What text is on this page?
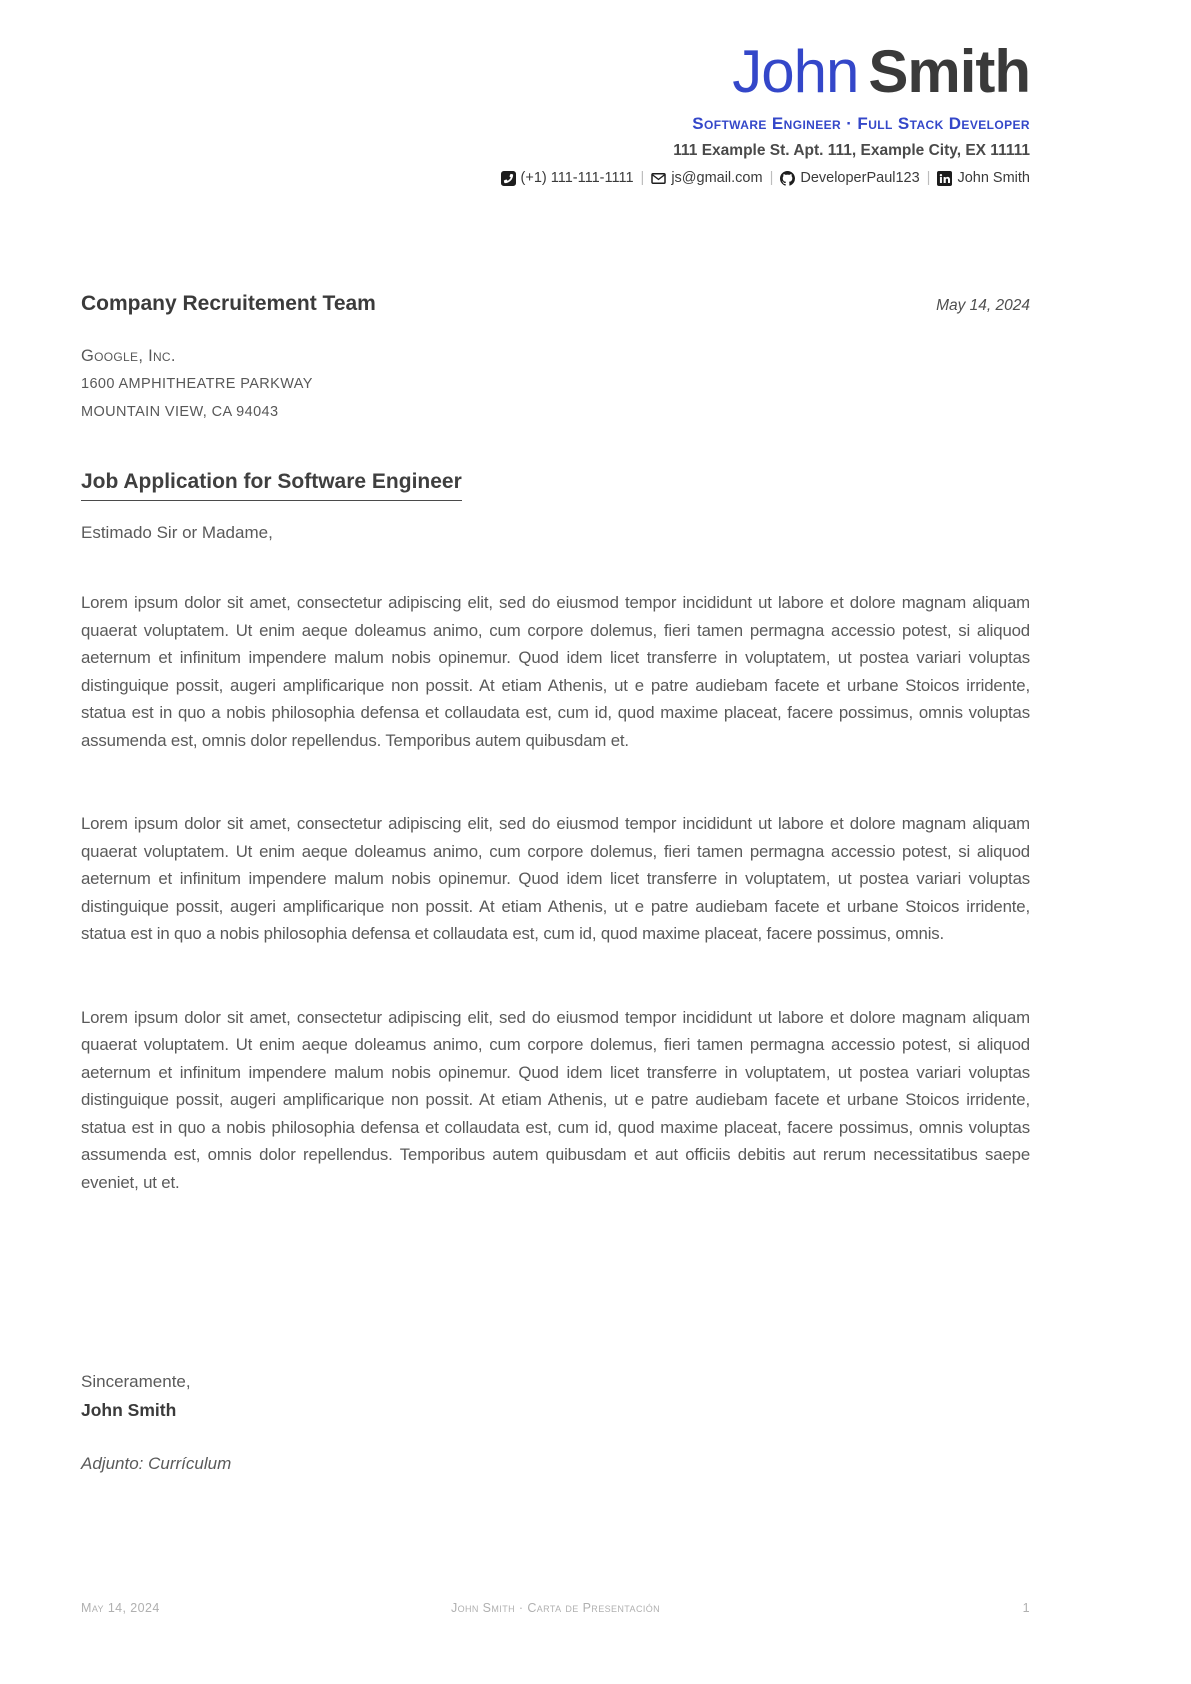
John Smith
Software Engineer · Full Stack Developer
111 Example St. Apt. 111, Example City, EX 11111
(+1) 111-111-1111 | js@gmail.com | DeveloperPaul123 | John Smith
Company Recruitement Team	May 14, 2024
Google, Inc.
1600 AMPHITHEATRE PARKWAY
MOUNTAIN VIEW, CA 94043
Job Application for Software Engineer
Estimado Sir or Madame,

Lorem ipsum dolor sit amet, consectetur adipiscing elit, sed do eiusmod tempor incididunt ut labore et dolore magnam aliquam quaerat voluptatem. Ut enim aeque doleamus animo, cum corpore dolemus, fieri tamen permagna accessio potest, si aliquod aeternum et infinitum impendere malum nobis opinemur. Quod idem licet transferre in voluptatem, ut postea variari voluptas distinguique possit, augeri amplificarique non possit. At etiam Athenis, ut e patre audiebam facete et urbane Stoicos irridente, statua est in quo a nobis philosophia defensa et collaudata est, cum id, quod maxime placeat, facere possimus, omnis voluptas assumenda est, omnis dolor repellendus. Temporibus autem quibusdam et.

Lorem ipsum dolor sit amet, consectetur adipiscing elit, sed do eiusmod tempor incididunt ut labore et dolore magnam aliquam quaerat voluptatem. Ut enim aeque doleamus animo, cum corpore dolemus, fieri tamen permagna accessio potest, si aliquod aeternum et infinitum impendere malum nobis opinemur. Quod idem licet transferre in voluptatem, ut postea variari voluptas distinguique possit, augeri amplificarique non possit. At etiam Athenis, ut e patre audiebam facete et urbane Stoicos irridente, statua est in quo a nobis philosophia defensa et collaudata est, cum id, quod maxime placeat, facere possimus, omnis.

Lorem ipsum dolor sit amet, consectetur adipiscing elit, sed do eiusmod tempor incididunt ut labore et dolore magnam aliquam quaerat voluptatem. Ut enim aeque doleamus animo, cum corpore dolemus, fieri tamen permagna accessio potest, si aliquod aeternum et infinitum impendere malum nobis opinemur. Quod idem licet transferre in voluptatem, ut postea variari voluptas distinguique possit, augeri amplificarique non possit. At etiam Athenis, ut e patre audiebam facete et urbane Stoicos irridente, statua est in quo a nobis philosophia defensa et collaudata est, cum id, quod maxime placeat, facere possimus, omnis voluptas assumenda est, omnis dolor repellendus. Temporibus autem quibusdam et aut officiis debitis aut rerum necessitatibus saepe eveniet, ut et.

Sinceramente,
John Smith
Adjunto: Currículum
May 14, 2024	John Smith · Carta de Presentación	1
